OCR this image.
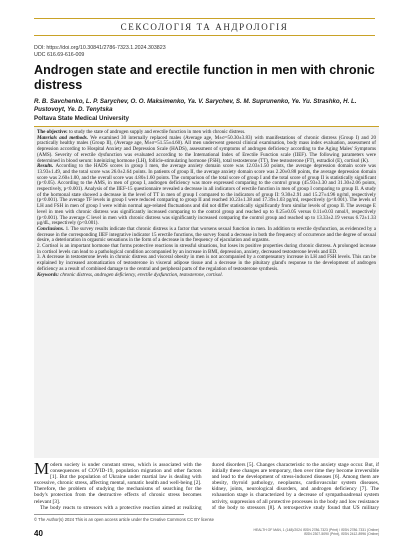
СЕКСОЛОГІЯ ТА АНДРОЛОГІЯ
DOI: https://doi.org/10.30841/2786-7323.1.2024.303823
UDC 616.69-616-009
Androgen state and erectile function in men with chronic distress
R. B. Savchenko, L. P. Sarychev, O. O. Maksimenko, Ya. V. Sarychev, S. M. Suprunenko, Ye. Yu. Strashko, H. L. Pustovoyt, Ye. D. Tenytska
Poltava State Medical University

The objective: to study the state of androgen supply and erectile function in men with chronic distress.

Materials and methods. We examined 30 internally replaced males (Average age, M±σ=50.30±3.83) with manifestations of chronic distress (Group I) and 20 practically healthy males (Group II), (Average age, M±σ=51.55±4.60). All men underwent general clinical examination, body mass index evaluation, assessment of depression according to Hospital Anxiety and Depression Scale (HADS), assessment of symptoms of androgen deficiency according to the Aging Males' Symptoms (AMS). Severity of erectile dysfunction was evaluated according to the International Index of Erectile Function scale (IIEF). The following parameters were determined in blood serum: luteinizing hormone (LH), follicle-stimulating hormone (FSH), total testosterone (TT), free testosterone (FT), estradiol (E), cortisol (K).

Results. According to the HADS scores in group I men, the average anxiety domain score was 12.03±1.50 points, the average depression domain score was 13.93±1.49, and the total score was 26.0±2.64 points. In patients of group II, the average anxiety domain score was 2.20±0.88 points, the average depression domain score was 2.60±1.00, and the overall score was 4.80±1.60 points. The comparison of the total score of group I and the total score of group II is statistically significant (p<0.05). According to the AMS, in men of group I, androgen deficiency was more expressed comparing to the control group (45.93±3.30 and 31.30±2.06 points, respectively, p<0.001). Analysis of the IIEF-15 questionnaire revealed a decrease in all indicators of erectile function in men of group I comparing to group II. A study of the hormonal state showed a decrease in the level of TT in men of group I compared to the indicators of group II: 9.30±2.91 and 15.27±4.96 ng/ml, respectively (p<0.001). The average TF levels in group I were reduced comparing to group II and reached 10.23±1.38 and 17.39±1.03 pg/ml, respectively (p<0.001). The levels of LH and FSH in men of group I were within normal age-related fluctuations and did not differ statistically significantly from similar levels of group II. The average E level in men with chronic distress was significantly increased comparing to the control group and reached up to 0.25±0.05 versus 0.11±0.03 nmol/l, respectively (p<0.001). The average C level in men with chronic distress was significantly increased comparing the control group and reached up to 13.33±2.19 versus 6.72±1.33 μg/dL, respectively (p<0.001).

Conclusions. 1. The survey results indicate that chronic distress is a factor that worsens sexual function in men. In addition to erectile dysfunction, as evidenced by a decrease in the corresponding IIEF integrative indicator 15 erectile functions, the survey found a decrease in both the frequency of occurrence and the degree of sexual desire, a deterioration in orgasmic sensations in the form of a decrease in the frequency of ejaculation and orgasms.

2. Cortisol is an important hormone that forms protective reactions in stressful situations, but loses its positive properties during chronic distress. A prolonged increase in cortisol levels can lead to a pathological condition accompanied by an increase in BMI, depression, anxiety, decreased testosterone levels and ED.

3. A decrease in testosterone levels in chronic distress and visceral obesity in men is not accompanied by a compensatory increase in LH and FSH levels. This can be explained by increased aromatization of testosterone in visceral adipose tissue and a decrease in the pituitary gland's response to the development of androgen deficiency as a result of combined damage to the central and peripheral parts of the regulation of testosterone synthesis.

Keywords: chronic distress, androgen deficiency, erectile dysfunction, testosterone, cortisol.

Modern society is under constant stress, which is associated with the consequences of COVID-19, population migration and other factors [1]. But the population of Ukraine under martial law is dealing with excessive, chronic stress, affecting mental, somatic health and well-being [2]. Therefore, the problem of studying the mechanisms of searching for the body's protection from the destructive effects of chronic stress becomes relevant [3].

The body reacts to stressors with a protective reaction aimed at realizing

duced disorders [5]. Changes characteristic to the anxiety stage occur. But, if initially these changes are temporary, then over time they become irreversible and lead to the development of stress-induced diseases [6]. Among them are obesity, thyroid pathology, neoplasms, cardiovascular system diseases, kidney, joints, neurological disorders, and androgen deficiency [7]. The exhaustion stage is characterized by a decrease of sympathoadrenal system activity, suppression of all protective processes in the body and low resistance of the body to stressors [8]. A retrospective study found that US military

© The Author(s) 2024 This is an open access article under the Creative Commons CC BY license
40	HEALTH OF MAN, 1 (148)/2024 ISSN 2786-7323 (Print) / ISSN 2786-7331 (Online)
ISSN 2307-5090 (Print), ISSN 2412-8996 (Online)
